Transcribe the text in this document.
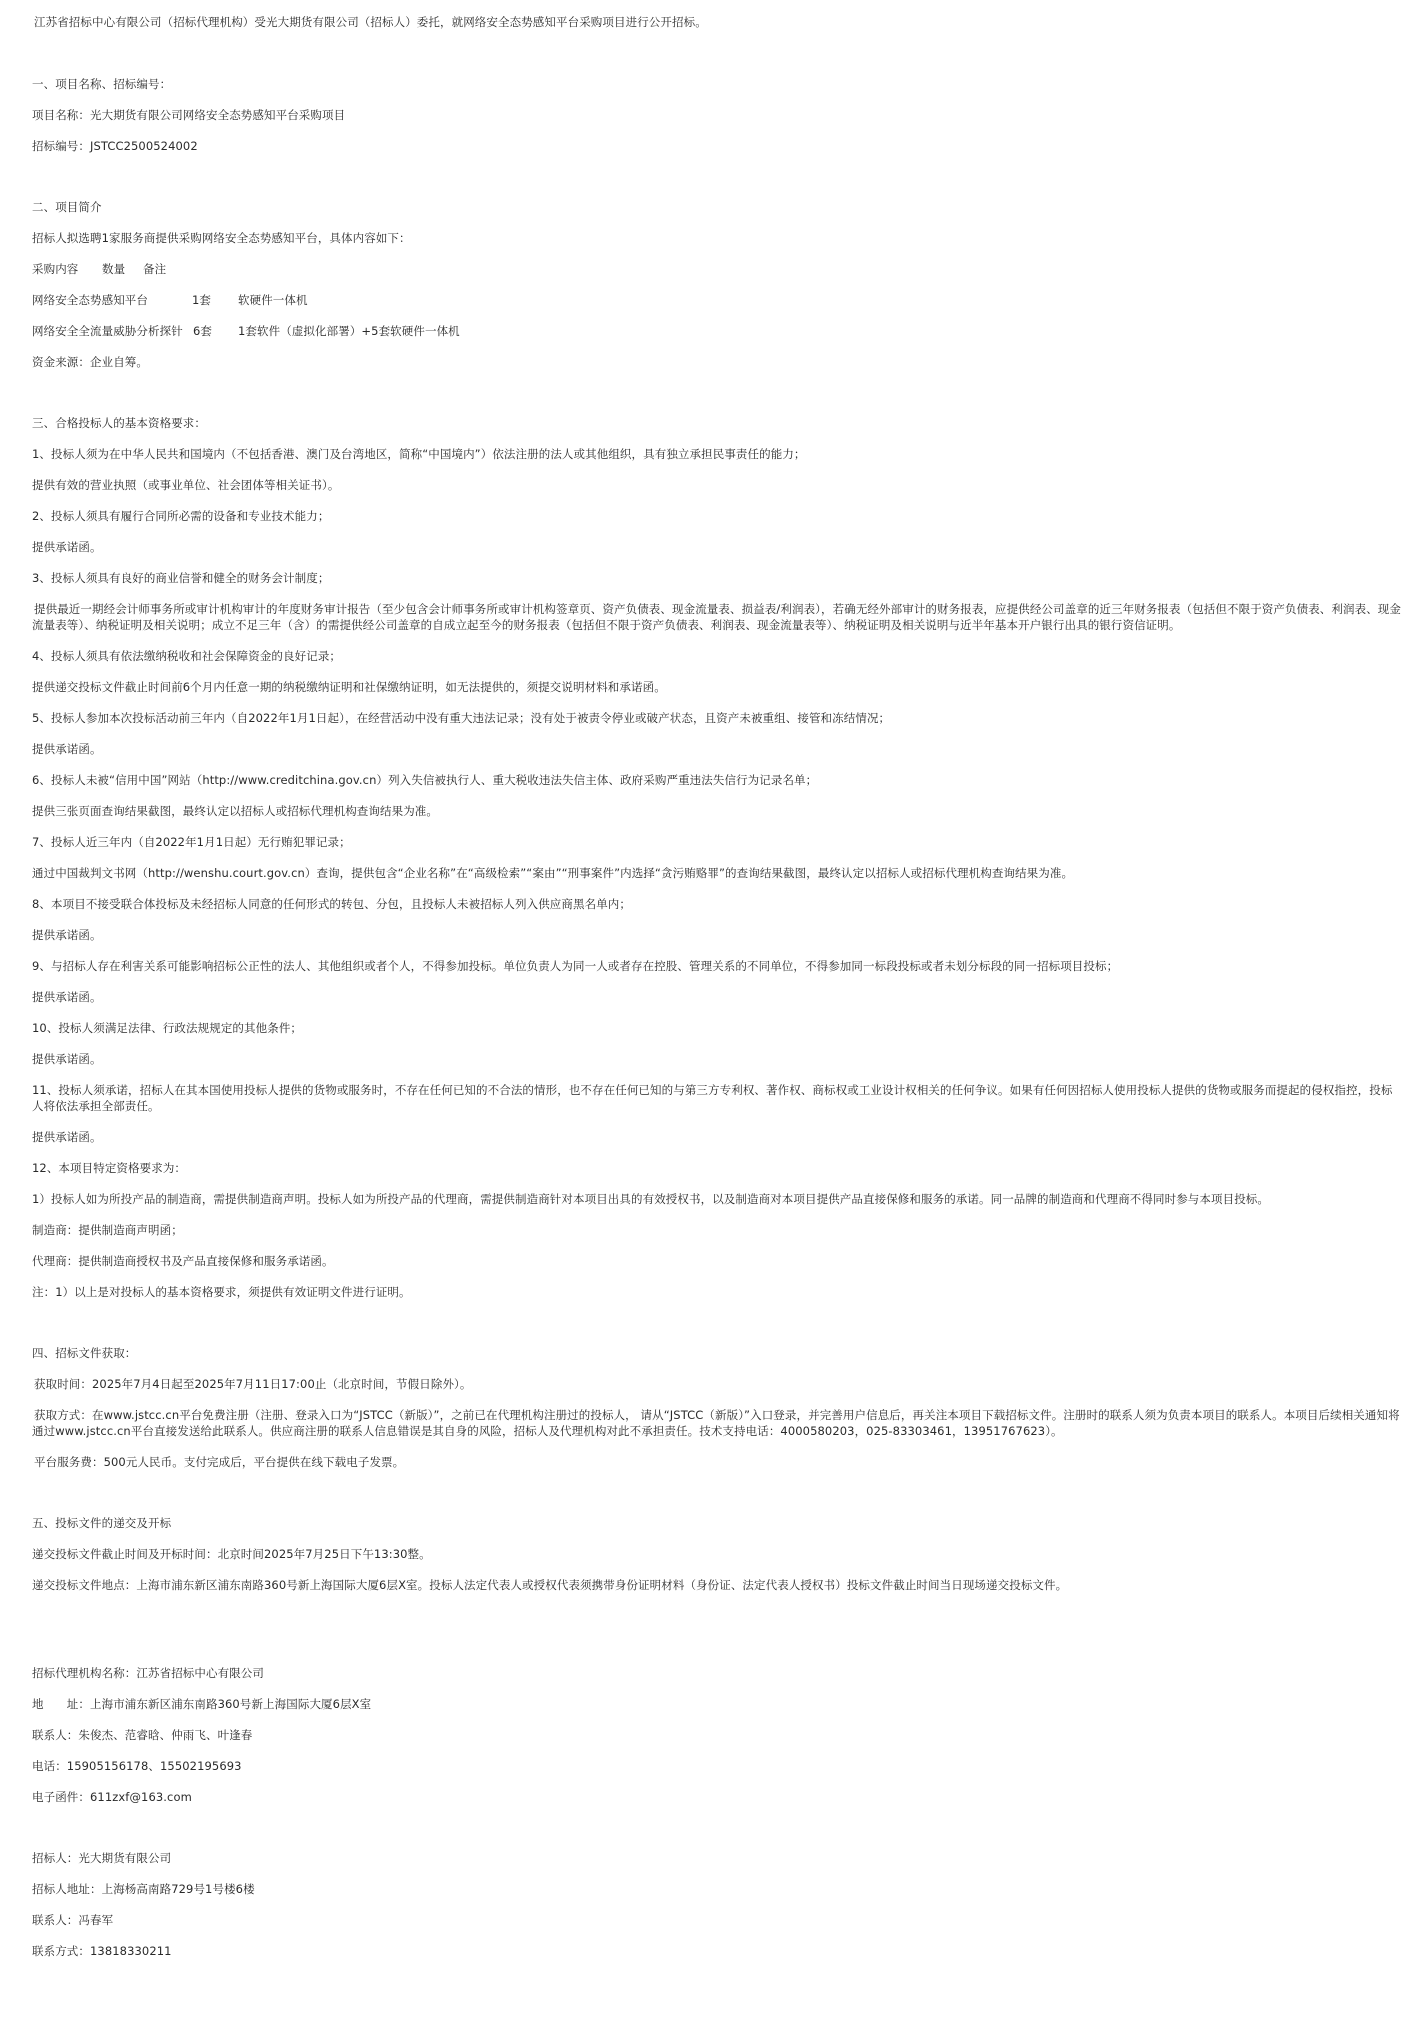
江苏省招标中心有限公司（招标代理机构）受光大期货有限公司（招标人）委托，就网络安全态势感知平台采购项目进行公开招标。
一、项目名称、招标编号：
项目名称：光大期货有限公司网络安全态势感知平台采购项目
招标编号：JSTCC2500524002
二、项目简介
招标人拟选聘1家服务商提供采购网络安全态势感知平台，具体内容如下：
采购内容 数量 备注
网络安全态势感知平台	1套 软硬件一体机
网络安全全流量威胁分析探针 6套 1套软件（虚拟化部署）+5套软硬件一体机
资金来源：企业自筹。
三、合格投标人的基本资格要求：
1、投标人须为在中华人民共和国境内（不包括香港、澳门及台湾地区，简称“中国境内”）依法注册的法人或其他组织，具有独立承担民事责任的能力；
提供有效的营业执照（或事业单位、社会团体等相关证书）。
2、投标人须具有履行合同所必需的设备和专业技术能力；
提供承诺函。
3、投标人须具有良好的商业信誉和健全的财务会计制度；
提供最近一期经会计师事务所或审计机构审计的年度财务审计报告（至少包含会计师事务所或审计机构签章页、资产负债表、现金流量表、损益表/利润表），若确无经外部审计的财务报表，应提供经公司盖章的近三年财务报表（包括但不限于资产负债表、利润表、现金流量表等）、纳税证明及相关说明；成立不足三年（含）的需提供经公司盖章的自成立起至今的财务报表（包括但不限于资产负债表、利润表、现金流量表等）、纳税证明及相关说明与近半年基本开户银行出具的银行资信证明。
4、投标人须具有依法缴纳税收和社会保障资金的良好记录；
提供递交投标文件截止时间前6个月内任意一期的纳税缴纳证明和社保缴纳证明，如无法提供的，须提交说明材料和承诺函。
5、投标人参加本次投标活动前三年内（自2022年1月1日起），在经营活动中没有重大违法记录；没有处于被责令停业或破产状态，且资产未被重组、接管和冻结情况；
提供承诺函。
6、投标人未被“信用中国”网站（http://www.creditchina.gov.cn）列入失信被执行人、重大税收违法失信主体、政府采购严重违法失信行为记录名单；
提供三张页面查询结果截图，最终认定以招标人或招标代理机构查询结果为准。
7、投标人近三年内（自2022年1月1日起）无行贿犯罪记录；
通过中国裁判文书网（http://wenshu.court.gov.cn）查询，提供包含“企业名称”在“高级检索”“案由”“刑事案件”内选择“贪污贿赂罪”的查询结果截图，最终认定以招标人或招标代理机构查询结果为准。
8、本项目不接受联合体投标及未经招标人同意的任何形式的转包、分包，且投标人未被招标人列入供应商黑名单内；
提供承诺函。
9、与招标人存在利害关系可能影响招标公正性的法人、其他组织或者个人，不得参加投标。单位负责人为同一人或者存在控股、管理关系的不同单位，不得参加同一标段投标或者未划分标段的同一招标项目投标；
提供承诺函。
10、投标人须满足法律、行政法规规定的其他条件；
提供承诺函。
11、投标人须承诺，招标人在其本国使用投标人提供的货物或服务时，不存在任何已知的不合法的情形，也不存在任何已知的与第三方专利权、著作权、商标权或工业设计权相关的任何争议。如果有任何因招标人使用投标人提供的货物或服务而提起的侵权指控，投标人将依法承担全部责任。
提供承诺函。
12、本项目特定资格要求为：
1）投标人如为所投产品的制造商，需提供制造商声明。投标人如为所投产品的代理商，需提供制造商针对本项目出具的有效授权书，以及制造商对本项目提供产品直接保修和服务的承诺。同一品牌的制造商和代理商不得同时参与本项目投标。
制造商：提供制造商声明函；
代理商：提供制造商授权书及产品直接保修和服务承诺函。
注：1）以上是对投标人的基本资格要求，须提供有效证明文件进行证明。
四、招标文件获取：
获取时间：2025年7月4日起至2025年7月11日17:00止（北京时间，节假日除外）。
获取方式：在www.jstcc.cn平台免费注册（注册、登录入口为“JSTCC（新版）”，之前已在代理机构注册过的投标人， 请从“JSTCC（新版）”入口登录，并完善用户信息后，再关注本项目下载招标文件。注册时的联系人须为负责本项目的联系人。本项目后续相关通知将通过www.jstcc.cn平台直接发送给此联系人。供应商注册的联系人信息错误是其自身的风险，招标人及代理机构对此不承担责任。技术支持电话：4000580203，025-83303461，13951767623）。
平台服务费：500元人民币。支付完成后，平台提供在线下载电子发票。
五、投标文件的递交及开标
递交投标文件截止时间及开标时间：北京时间2025年7月25日下午13:30整。
递交投标文件地点：上海市浦东新区浦东南路360号新上海国际大厦6层X室。投标人法定代表人或授权代表须携带身份证明材料（身份证、法定代表人授权书）投标文件截止时间当日现场递交投标文件。
招标代理机构名称：江苏省招标中心有限公司
地　　址：上海市浦东新区浦东南路360号新上海国际大厦6层X室
联系人：朱俊杰、范睿晗、仲雨飞、叶逢春
电话：15905156178、15502195693
电子函件：611zxf@163.com
招标人：光大期货有限公司
招标人地址：上海杨高南路729号1号楼6楼
联系人：冯春军
联系方式：13818330211
